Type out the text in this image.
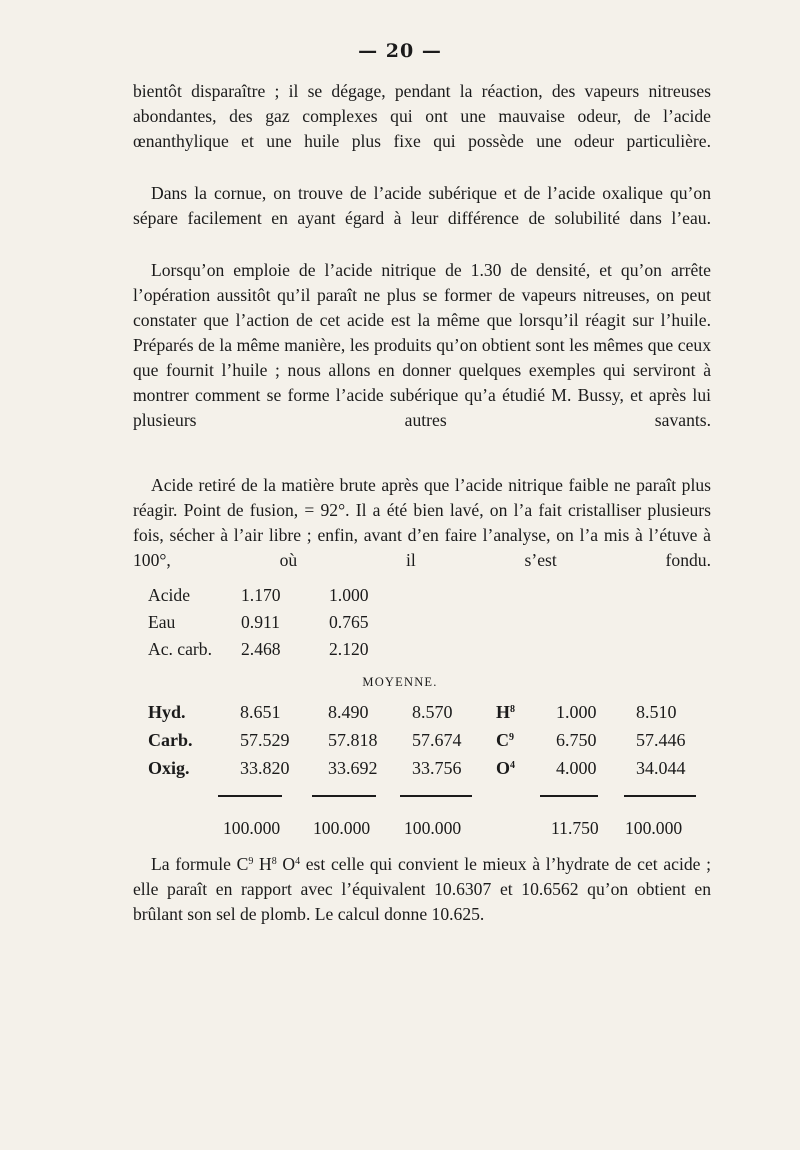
— 20 —
bientôt disparaître ; il se dégage, pendant la réaction, des vapeurs nitreuses abondantes, des gaz complexes qui ont une mauvaise odeur, de l’acide œnanthylique et une huile plus fixe qui possède une odeur particulière.
Dans la cornue, on trouve de l’acide subérique et de l’acide oxalique qu’on sépare facilement en ayant égard à leur différence de solubilité dans l’eau.
Lorsqu’on emploie de l’acide nitrique de 1.30 de densité, et qu’on arrête l’opération aussitôt qu’il paraît ne plus se former de vapeurs nitreuses, on peut constater que l’action de cet acide est la même que lorsqu’il réagit sur l’huile. Préparés de la même manière, les produits qu’on obtient sont les mêmes que ceux que fournit l’huile ; nous allons en donner quelques exemples qui serviront à montrer comment se forme l’acide subérique qu’a étudié M. Bussy, et après lui plusieurs autres savants.
Acide retiré de la matière brute après que l’acide nitrique faible ne paraît plus réagir. Point de fusion, = 92°. Il a été bien lavé, on l’a fait cristalliser plusieurs fois, sécher à l’air libre ; enfin, avant d’en faire l’analyse, on l’a mis à l’étuve à 100°, où il s’est fondu.
Acide	1.170	1.000
Eau	0.911	0.765
Ac. carb. 2.468	2.120
MOYENNE.
Hyd.	8.651	8.490 8.570 $H^8$ 1.000 8.510
Carb.	57.529 57.818 57.674 $C^9$ 6.750 57.446
Oxig.	33.820 33.692 33.756 $O^4$ 4.000 34.044
100.000 100.000 100.000	11.750 100.000
La formule $C^9$ $H^8$ $O^4$ est celle qui convient le mieux à l’hydrate de cet acide ; elle paraît en rapport avec l’équivalent 10.6307 et 10.6562 qu’on obtient en brûlant son sel de plomb. Le calcul donne 10.625.
